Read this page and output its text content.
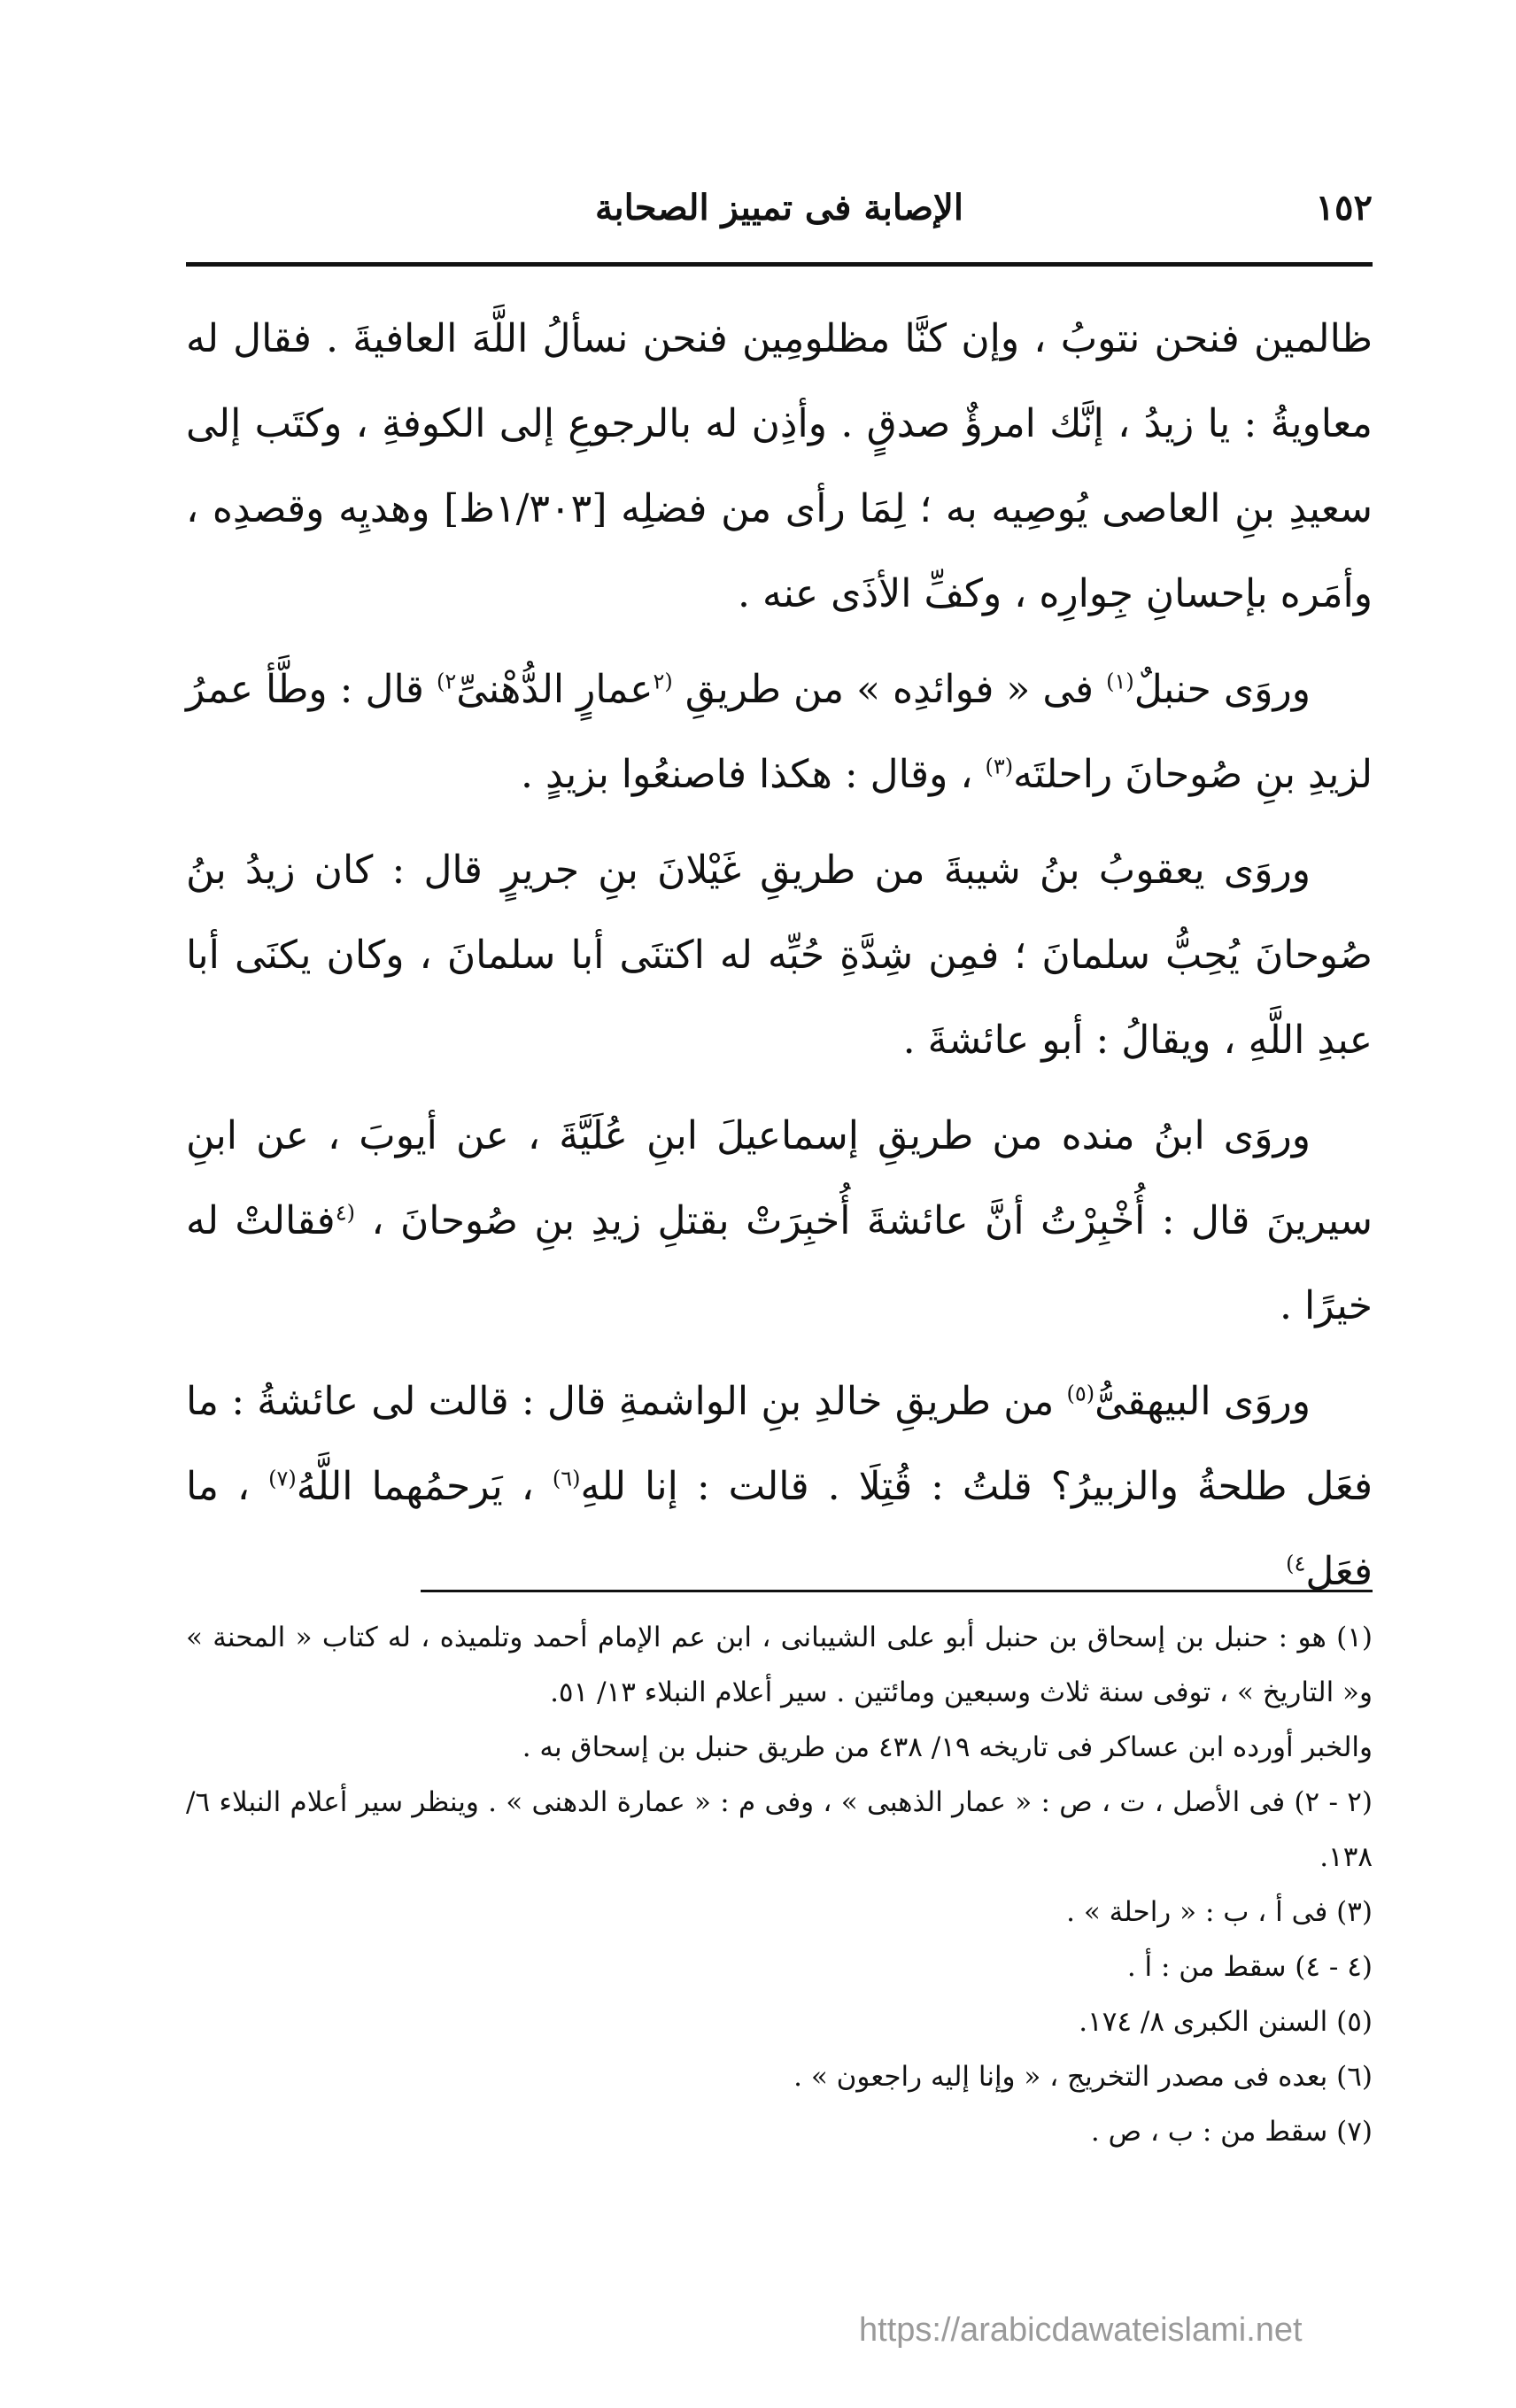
١٥٢
الإصابة فى تمييز الصحابة

ظالمين فنحن نتوبُ ، وإن كنَّا مظلومِين فنحن نسألُ اللَّهَ العافيةَ . فقال له معاويةُ : يا زيدُ ، إنَّك امرؤٌ صدقٍ . وأذِن له بالرجوعِ إلى الكوفةِ ، وكتَب إلى سعيدِ بنِ العاصى يُوصِيه به ؛ لِمَا رأى من فضلِه [١/٣٠٣ظ] وهديِه وقصدِه ، وأمَره بإحسانِ جِوارِه ، وكفِّ الأذَى عنه .

وروَى حنبلٌ$^{(١)}$ فى « فوائدِه » من طريقِ $^{(٢}$عمارٍ الدُّهْنىِّ$^{٢)}$ قال : وطَّأ عمرُ لزيدِ بنِ صُوحانَ راحلتَه$^{(٣)}$ ، وقال : هكذا فاصنعُوا بزيدٍ .

وروَى يعقوبُ بنُ شيبةَ من طريقِ غَيْلانَ بنِ جريرٍ قال : كان زيدُ بنُ صُوحانَ يُحِبُّ سلمانَ ؛ فمِن شِدَّةِ حُبِّه له اكتنَى أبا سلمانَ ، وكان يكنَى أبا عبدِ اللَّهِ ، ويقالُ : أبو عائشةَ .

وروَى ابنُ منده من طريقِ إسماعيلَ ابنِ عُلَيَّةَ ، عن أيوبَ ، عن ابنِ سيرينَ قال : أُخْبِرْتُ أنَّ عائشةَ أُخبِرَتْ بقتلِ زيدِ بنِ صُوحانَ ، $^{(٤}$فقالتْ له خيرًا .

وروَى البيهقىُّ$^{(٥)}$ من طريقِ خالدِ بنِ الواشمةِ قال : قالت لى عائشةُ : ما فعَل طلحةُ والزبيرُ؟ قلتُ : قُتِلَا . قالت : إنا للهِ$^{(٦)}$ ، يَرحمُهما اللَّهُ$^{(٧)}$ ، ما فعَل$^{٤)}$

(١) هو : حنبل بن إسحاق بن حنبل أبو على الشيبانى ، ابن عم الإمام أحمد وتلميذه ، له كتاب « المحنة » و« التاريخ » ، توفى سنة ثلاث وسبعين ومائتين . سير أعلام النبلاء ١٣/ ٥١.

والخبر أورده ابن عساكر فى تاريخه ١٩/ ٤٣٨ من طريق حنبل بن إسحاق به .

(٢ - ٢) فى الأصل ، ت ، ص : « عمار الذهبى » ، وفى م : « عمارة الدهنى » . وينظر سير أعلام النبلاء ٦/ ١٣٨.

(٣) فى أ ، ب : « راحلة » .

(٤ - ٤) سقط من : أ .

(٥) السنن الكبرى ٨/ ١٧٤.

(٦) بعده فى مصدر التخريج ، « وإنا إليه راجعون » .

(٧) سقط من : ب ، ص .

https://arabicdawateislami.net
